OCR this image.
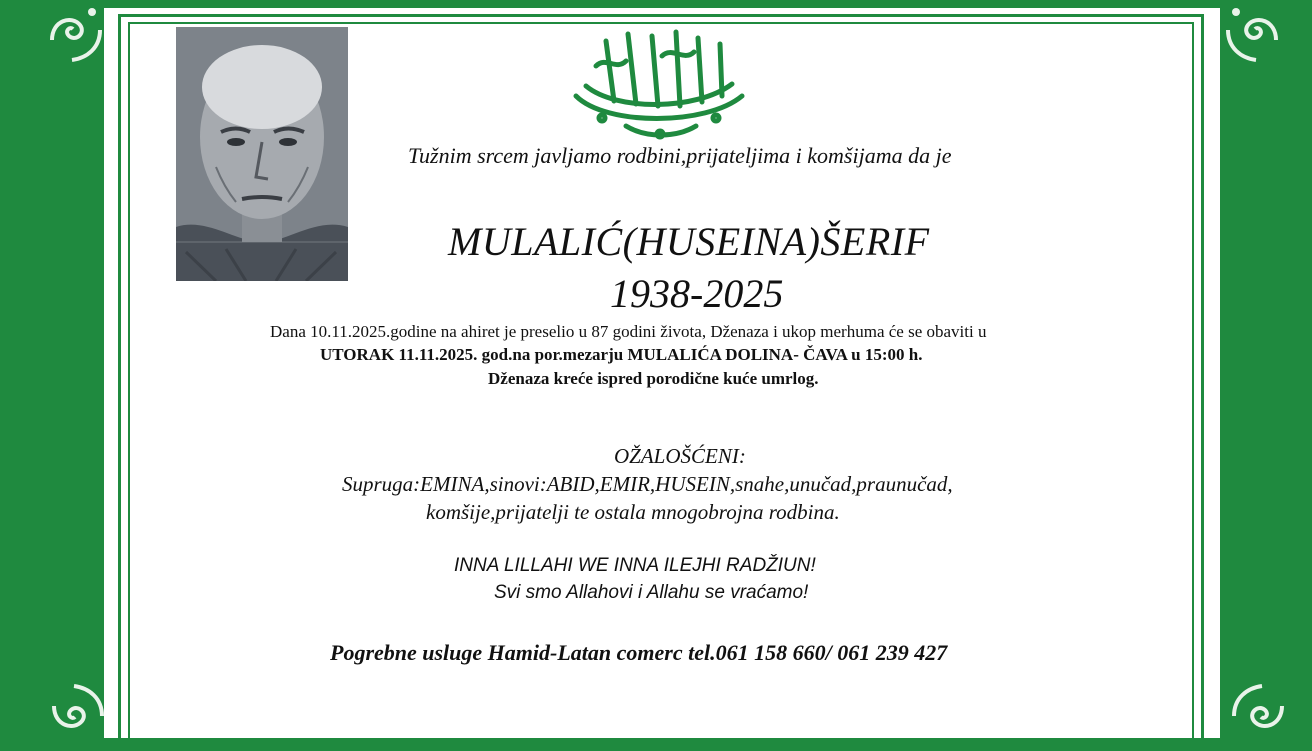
Tužnim srcem javljamo rodbini,prijateljima i komšijama da je
MULALIĆ(HUSEINA)ŠERIF
1938-2025
Dana 10.11.2025.godine na ahiret je preselio u 87 godini života, Dženaza i ukop merhuma će se obaviti u
UTORAK 11.11.2025. god.na por.mezarju MULALIĆA DOLINA- ČAVA u 15:00 h.
Dženaza kreće ispred porodične kuće umrlog.
OŽALOŠĆENI:
Supruga:EMINA,sinovi:ABID,EMIR,HUSEIN,snahe,unučad,praunučad,
komšije,prijatelji te ostala mnogobrojna rodbina.
INNA LILLAHI WE INNA ILEJHI RADŽIUN!
Svi smo Allahovi i Allahu se vraćamo!
Pogrebne usluge Hamid-Latan comerc tel.061 158 660/ 061 239 427
